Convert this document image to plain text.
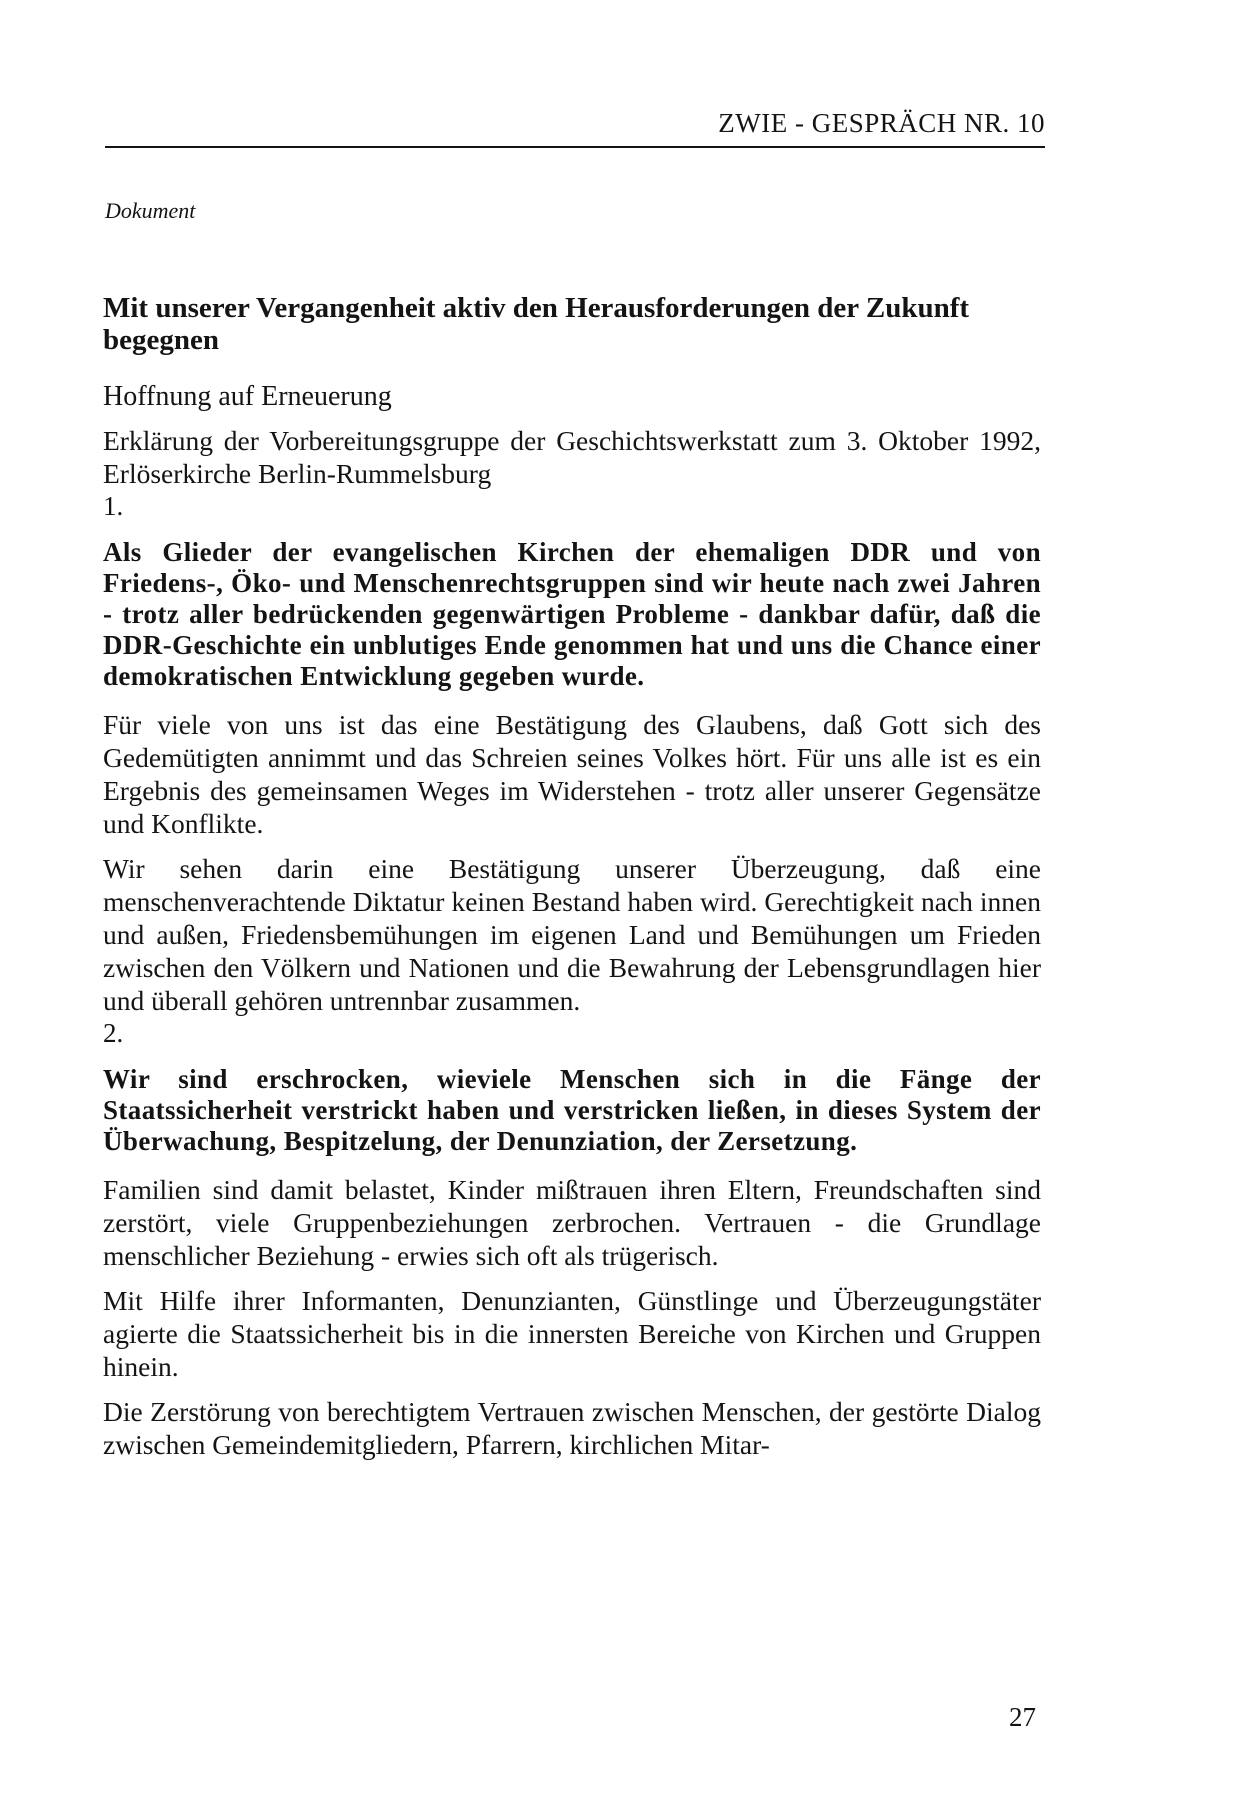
ZWIE - GESPRÄCH NR. 10
Dokument
Mit unserer Vergangenheit aktiv den Herausforderungen der Zukunft begegnen
Hoffnung auf Erneuerung
Erklärung der Vorbereitungsgruppe der Geschichtswerkstatt zum 3. Oktober 1992, Erlöserkirche Berlin-Rummelsburg
1.
Als Glieder der evangelischen Kirchen der ehemaligen DDR und von Friedens-, Öko- und Menschenrechtsgruppen sind wir heute nach zwei Jahren - trotz aller bedrückenden gegenwärtigen Probleme - dankbar dafür, daß die DDR-Geschichte ein unblutiges Ende genommen hat und uns die Chance einer demokratischen Entwicklung gegeben wurde.
Für viele von uns ist das eine Bestätigung des Glaubens, daß Gott sich des Gedemütigten annimmt und das Schreien seines Volkes hört. Für uns alle ist es ein Ergebnis des gemeinsamen Weges im Widerstehen - trotz aller unserer Gegensätze und Konflikte.
Wir sehen darin eine Bestätigung unserer Überzeugung, daß eine menschenverachtende Diktatur keinen Bestand haben wird. Gerechtigkeit nach innen und außen, Friedensbemühungen im eigenen Land und Bemühungen um Frieden zwischen den Völkern und Nationen und die Bewahrung der Lebensgrundlagen hier und überall gehören untrennbar zusammen.
2.
Wir sind erschrocken, wieviele Menschen sich in die Fänge der Staatssicherheit verstrickt haben und verstricken ließen, in dieses System der Überwachung, Bespitzelung, der Denunziation, der Zersetzung.
Familien sind damit belastet, Kinder mißtrauen ihren Eltern, Freundschaften sind zerstört, viele Gruppenbeziehungen zerbrochen. Vertrauen - die Grundlage menschlicher Beziehung - erwies sich oft als trügerisch.
Mit Hilfe ihrer Informanten, Denunzianten, Günstlinge und Überzeugungstäter agierte die Staatssicherheit bis in die innersten Bereiche von Kirchen und Gruppen hinein.
Die Zerstörung von berechtigtem Vertrauen zwischen Menschen, der gestörte Dialog zwischen Gemeindemitgliedern, Pfarrern, kirchlichen Mitar-
27
